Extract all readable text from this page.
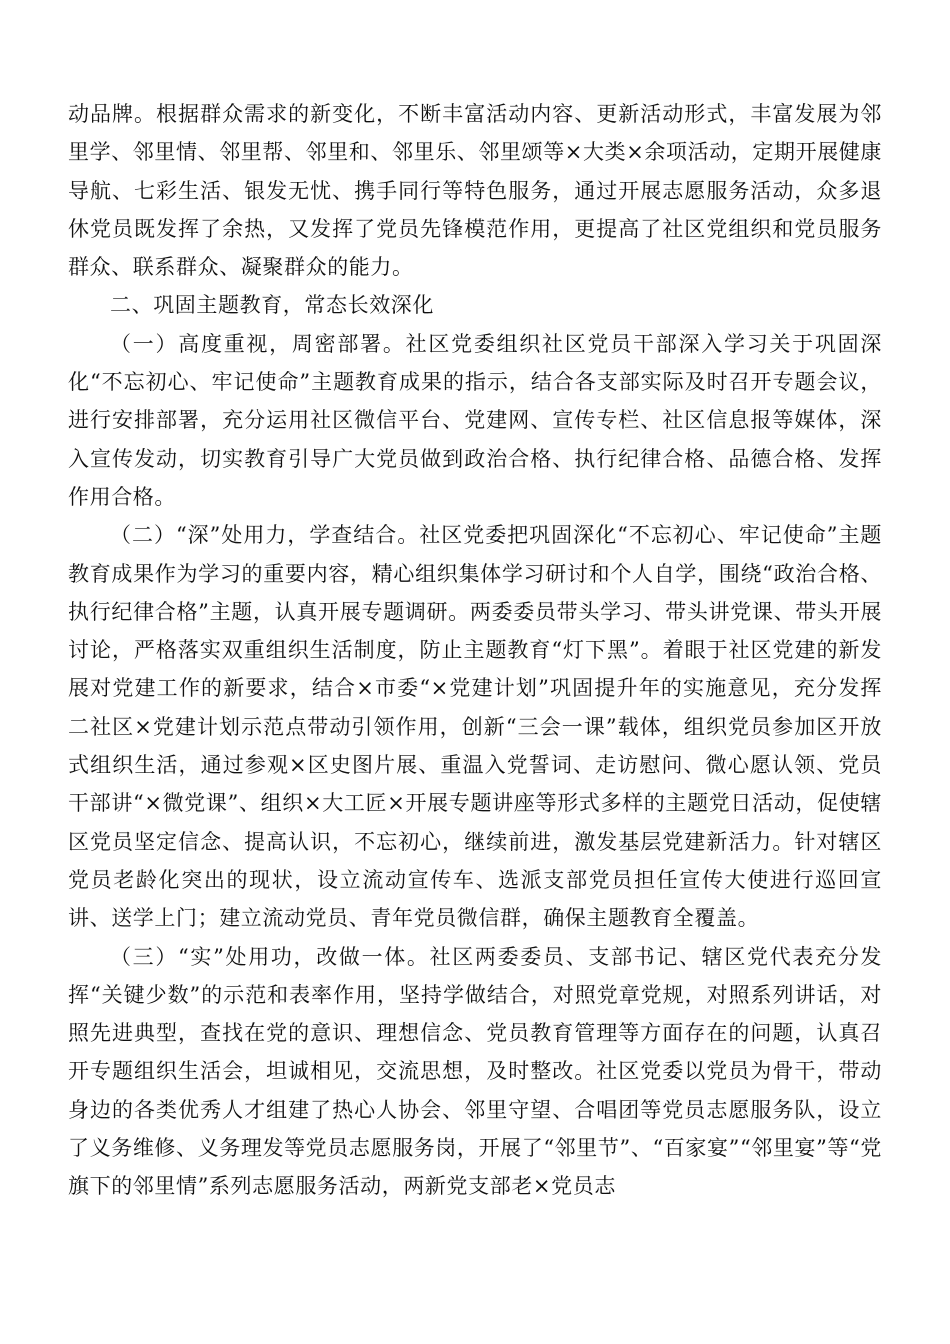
动品牌。根据群众需求的新变化，不断丰富活动内容、更新活动形式，丰富发展为邻里学、邻里情、邻里帮、邻里和、邻里乐、邻里颂等×大类×余项活动，定期开展健康导航、七彩生活、银发无忧、携手同行等特色服务，通过开展志愿服务活动，众多退休党员既发挥了余热，又发挥了党员先锋模范作用，更提高了社区党组织和党员服务群众、联系群众、凝聚群众的能力。

二、巩固主题教育，常态长效深化

（一）高度重视，周密部署。社区党委组织社区党员干部深入学习关于巩固深化“不忘初心、牢记使命”主题教育成果的指示，结合各支部实际及时召开专题会议，进行安排部署，充分运用社区微信平台、党建网、宣传专栏、社区信息报等媒体，深入宣传发动，切实教育引导广大党员做到政治合格、执行纪律合格、品德合格、发挥作用合格。

（二）“深”处用力，学查结合。社区党委把巩固深化“不忘初心、牢记使命”主题教育成果作为学习的重要内容，精心组织集体学习研讨和个人自学，围绕“政治合格、执行纪律合格”主题，认真开展专题调研。两委委员带头学习、带头讲党课、带头开展讨论，严格落实双重组织生活制度，防止主题教育“灯下黑”。着眼于社区党建的新发展对党建工作的新要求，结合×市委“×党建计划”巩固提升年的实施意见，充分发挥二社区×党建计划示范点带动引领作用，创新“三会一课”载体，组织党员参加区开放式组织生活，通过参观×区史图片展、重温入党誓词、走访慰问、微心愿认领、党员干部讲“×微党课”、组织×大工匠×开展专题讲座等形式多样的主题党日活动，促使辖区党员坚定信念、提高认识，不忘初心，继续前进，激发基层党建新活力。针对辖区党员老龄化突出的现状，设立流动宣传车、选派支部党员担任宣传大使进行巡回宣讲、送学上门；建立流动党员、青年党员微信群，确保主题教育全覆盖。

（三）“实”处用功，改做一体。社区两委委员、支部书记、辖区党代表充分发挥“关键少数”的示范和表率作用，坚持学做结合，对照党章党规，对照系列讲话，对照先进典型，查找在党的意识、理想信念、党员教育管理等方面存在的问题，认真召开专题组织生活会，坦诚相见，交流思想，及时整改。社区党委以党员为骨干，带动身边的各类优秀人才组建了热心人协会、邻里守望、合唱团等党员志愿服务队，设立了义务维修、义务理发等党员志愿服务岗，开展了“邻里节”、“百家宴”“邻里宴”等“党旗下的邻里情”系列志愿服务活动，两新党支部老×党员志
